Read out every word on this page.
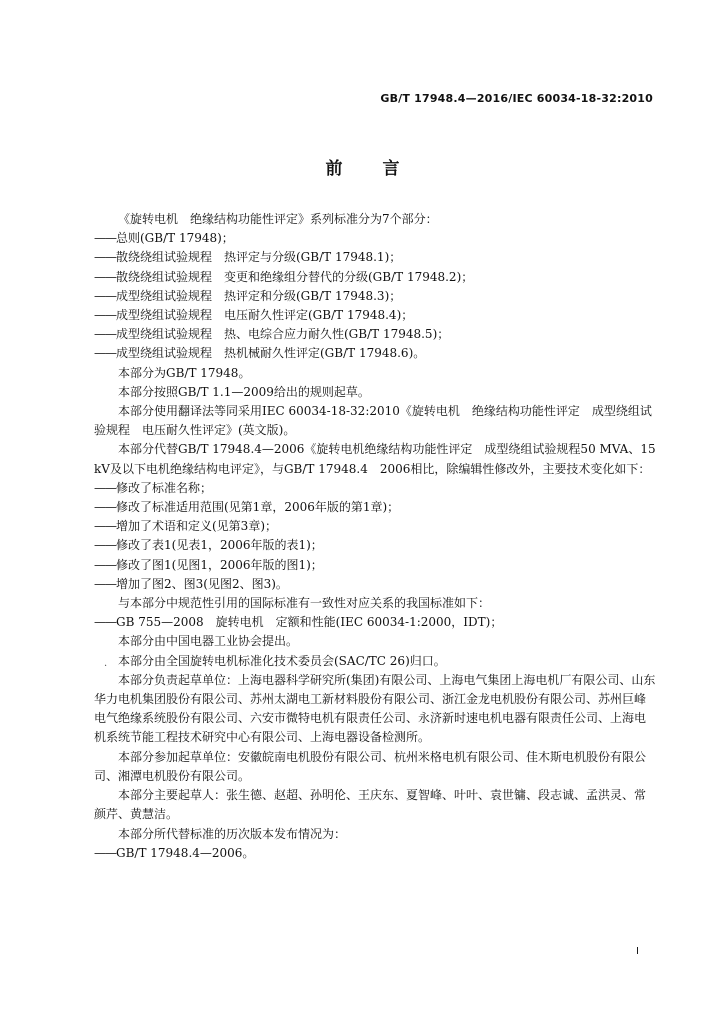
GB/T 17948.4—2016/IEC 60034-18-32:2010
前言

《旋转电机　绝缘结构功能性评定》系列标准分为7个部分：

—— 总则(GB/T 17948)；

—— 散绕绕组试验规程　热评定与分级(GB/T 17948.1)；

—— 散绕绕组试验规程　变更和绝缘组分替代的分级(GB/T 17948.2)；

—— 成型绕组试验规程　热评定和分级(GB/T 17948.3)；

—— 成型绕组试验规程　电压耐久性评定(GB/T 17948.4)；

—— 成型绕组试验规程　热、电综合应力耐久性(GB/T 17948.5)；

—— 成型绕组试验规程　热机械耐久性评定(GB/T 17948.6)。

本部分为GB/T 17948。

本部分按照GB/T 1.1—2009给出的规则起草。

本部分使用翻译法等同采用IEC 60034-18-32:2010《旋转电机　绝缘结构功能性评定　成型绕组试验规程　电压耐久性评定》(英文版)。

本部分代替GB/T 17948.4—2006《旋转电机绝缘结构功能性评定　成型绕组试验规程50 MVA、15 kV及以下电机绝缘结构电评定》，与GB/T 17948.4　2006相比，除编辑性修改外，主要技术变化如下：

—— 修改了标准名称；

—— 修改了标准适用范围(见第1章，2006年版的第1章)；

—— 增加了术语和定义(见第3章)；

—— 修改了表1(见表1，2006年版的表1)；

—— 修改了图1(见图1，2006年版的图1)；

—— 增加了图2、图3(见图2、图3)。

与本部分中规范性引用的国际标准有一致性对应关系的我国标准如下：

—— GB 755—2008　旋转电机　定额和性能(IEC 60034-1:2000，IDT)；

本部分由中国电器工业协会提出。

本部分由全国旋转电机标准化技术委员会(SAC/TC 26)归口。

本部分负责起草单位：上海电器科学研究所(集团)有限公司、上海电气集团上海电机厂有限公司、山东华力电机集团股份有限公司、苏州太湖电工新材料股份有限公司、浙江金龙电机股份有限公司、苏州巨峰电气绝缘系统股份有限公司、六安市微特电机有限责任公司、永济新时速电机电器有限责任公司、上海电机系统节能工程技术研究中心有限公司、上海电器设备检测所。

本部分参加起草单位：安徽皖南电机股份有限公司、杭州米格电机有限公司、佳木斯电机股份有限公司、湘潭电机股份有限公司。

本部分主要起草人：张生德、赵超、孙明伦、王庆东、夏智峰、叶叶、袁世镛、段志诚、孟洪灵、常颜芹、黄慧洁。

本部分所代替标准的历次版本发布情况为：

—— GB/T 17948.4—2006。

·
I
